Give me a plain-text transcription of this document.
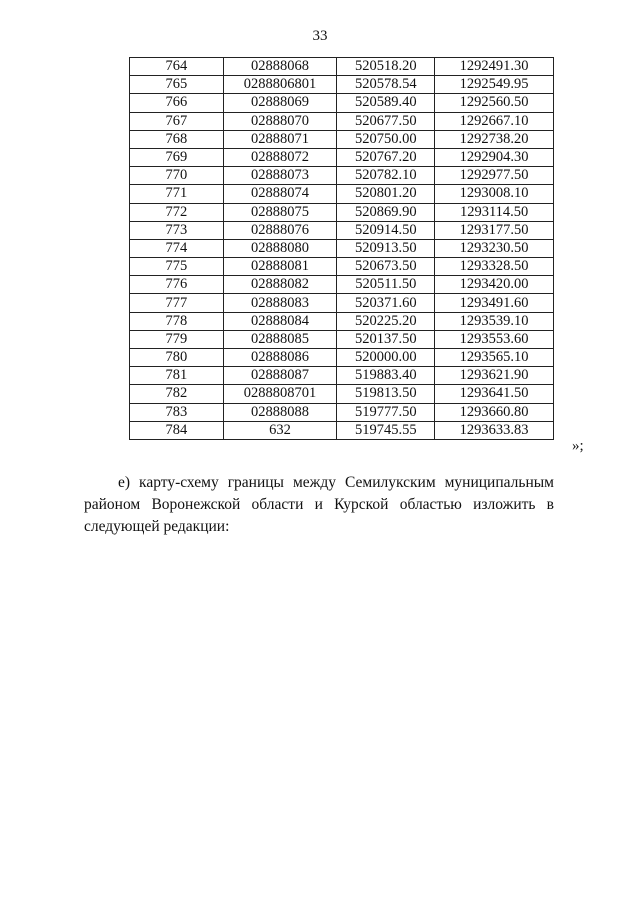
33
764	02888068	520518.20	1292491.30
765	0288806801	520578.54	1292549.95
766	02888069	520589.40	1292560.50
767	02888070	520677.50	1292667.10
768	02888071	520750.00	1292738.20
769	02888072	520767.20	1292904.30
770	02888073	520782.10	1292977.50
771	02888074	520801.20	1293008.10
772	02888075	520869.90	1293114.50
773	02888076	520914.50	1293177.50
774	02888080	520913.50	1293230.50
775	02888081	520673.50	1293328.50
776	02888082	520511.50	1293420.00
777	02888083	520371.60	1293491.60
778	02888084	520225.20	1293539.10
779	02888085	520137.50	1293553.60
780	02888086	520000.00	1293565.10
781	02888087	519883.40	1293621.90
782	0288808701	519813.50	1293641.50
783	02888088	519777.50	1293660.80
784	632	519745.55	1293633.83
»;
е) карту-схему границы между Семилукским муниципальным районом Воронежской области и Курской областью изложить в следующей редакции:
